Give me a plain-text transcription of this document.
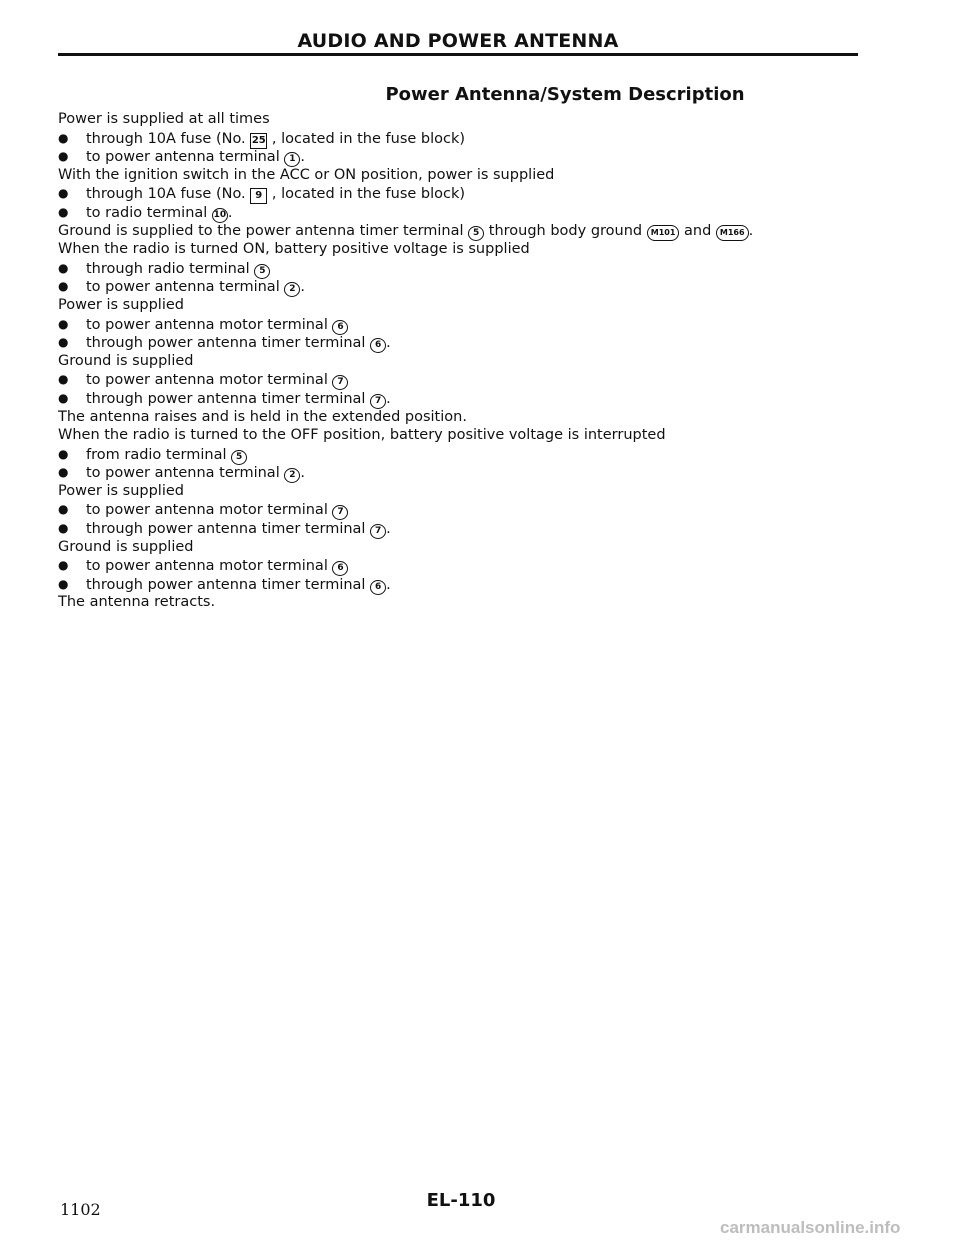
AUDIO AND POWER ANTENNA
Power Antenna/System Description
Power is supplied at all times
● through 10A fuse (No. 25 , located in the fuse block)
● to power antenna terminal 1 .
With the ignition switch in the ACC or ON position, power is supplied
● through 10A fuse (No. 9 , located in the fuse block)
● to radio terminal 10 .
Ground is supplied to the power antenna timer terminal 5 through body ground M101 and M166 .
When the radio is turned ON, battery positive voltage is supplied
● through radio terminal 5
● to power antenna terminal 2 .
Power is supplied
● to power antenna motor terminal 6
● through power antenna timer terminal 6 .
Ground is supplied
● to power antenna motor terminal 7
● through power antenna timer terminal 7 .
The antenna raises and is held in the extended position.
When the radio is turned to the OFF position, battery positive voltage is interrupted
● from radio terminal 5
● to power antenna terminal 2 .
Power is supplied
● to power antenna motor terminal 7
● through power antenna timer terminal 7 .
Ground is supplied
● to power antenna motor terminal 6
● through power antenna timer terminal 6 .
The antenna retracts.
1102	EL-110
carmanualsonline.info
